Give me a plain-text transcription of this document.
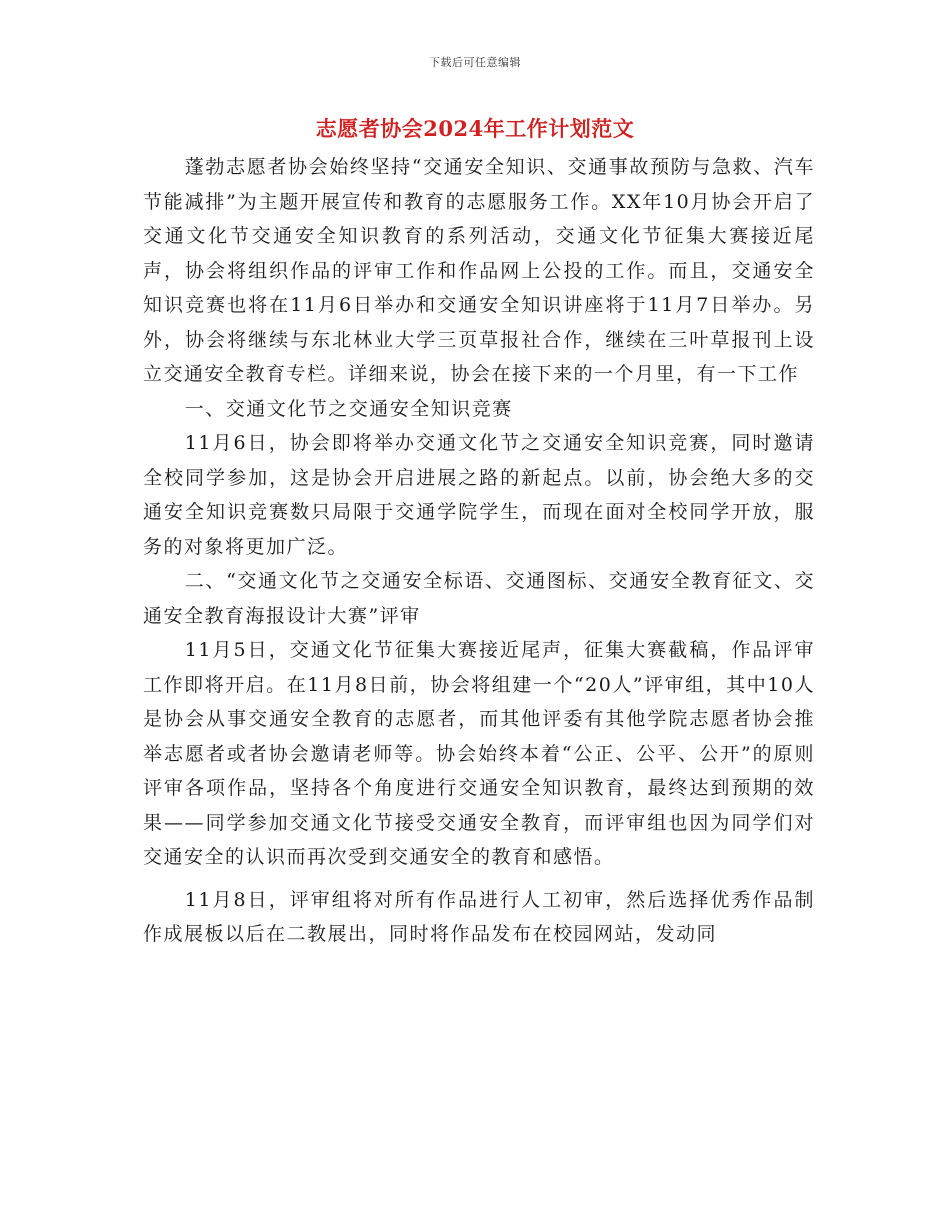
下载后可任意编辑
志愿者协会2024年工作计划范文

蓬勃志愿者协会始终坚持“交通安全知识、交通事故预防与急救、汽车节能减排”为主题开展宣传和教育的志愿服务工作。XX年10月协会开启了交通文化节交通安全知识教育的系列活动，交通文化节征集大赛接近尾声，协会将组织作品的评审工作和作品网上公投的工作。而且，交通安全知识竞赛也将在11月6日举办和交通安全知识讲座将于11月7日举办。另外，协会将继续与东北林业大学三页草报社合作，继续在三叶草报刊上设立交通安全教育专栏。详细来说，协会在接下来的一个月里，有一下工作

一、交通文化节之交通安全知识竞赛

11月6日，协会即将举办交通文化节之交通安全知识竞赛，同时邀请全校同学参加，这是协会开启进展之路的新起点。以前，协会绝大多的交通安全知识竞赛数只局限于交通学院学生，而现在面对全校同学开放，服务的对象将更加广泛。

二、“交通文化节之交通安全标语、交通图标、交通安全教育征文、交通安全教育海报设计大赛”评审

11月5日，交通文化节征集大赛接近尾声，征集大赛截稿，作品评审工作即将开启。在11月8日前，协会将组建一个“20人”评审组，其中10人是协会从事交通安全教育的志愿者，而其他评委有其他学院志愿者协会推举志愿者或者协会邀请老师等。协会始终本着“公正、公平、公开”的原则评审各项作品，坚持各个角度进行交通安全知识教育，最终达到预期的效果——同学参加交通文化节接受交通安全教育，而评审组也因为同学们对交通安全的认识而再次受到交通安全的教育和感悟。

11月8日，评审组将对所有作品进行人工初审，然后选择优秀作品制作成展板以后在二教展出，同时将作品发布在校园网站，发动同
